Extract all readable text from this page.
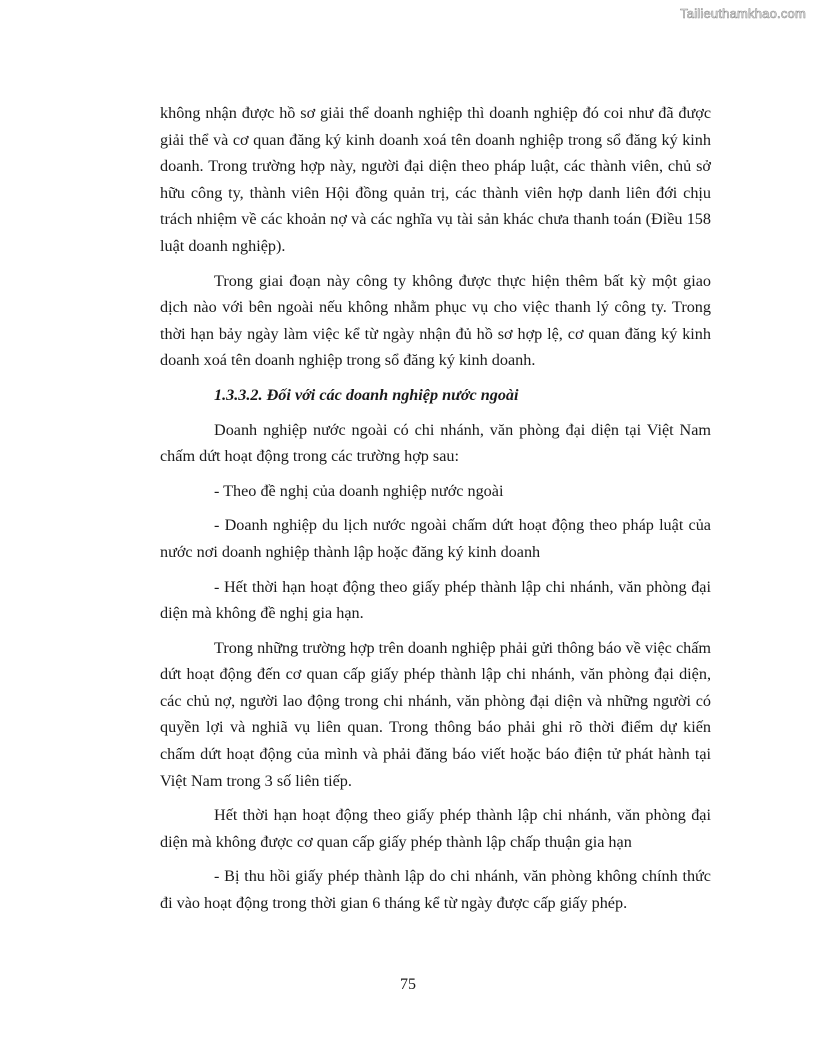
Tailieuthamkhao.com

không nhận được hồ sơ giải thể doanh nghiệp thì doanh nghiệp đó coi như đã được giải thể và cơ quan đăng ký kinh doanh xoá tên doanh nghiệp trong sổ đăng ký kinh doanh. Trong trường hợp này, người đại diện theo pháp luật, các thành viên, chủ sở hữu công ty, thành viên Hội đồng quản trị, các thành viên hợp danh liên đới chịu trách nhiệm về các khoản nợ và các nghĩa vụ tài sản khác chưa thanh toán (Điều 158 luật doanh nghiệp).

Trong giai đoạn này công ty không được thực hiện thêm bất kỳ một giao dịch nào với bên ngoài nếu không nhằm phục vụ cho việc thanh lý công ty. Trong thời hạn bảy ngày làm việc kể từ ngày nhận đủ hồ sơ hợp lệ, cơ quan đăng ký kinh doanh xoá tên doanh nghiệp trong sổ đăng ký kinh doanh.

1.3.3.2. Đối với các doanh nghiệp nước ngoài

Doanh nghiệp nước ngoài có chi nhánh, văn phòng đại diện tại Việt Nam chấm dứt hoạt động trong các trường hợp sau:

- Theo đề nghị của doanh nghiệp nước ngoài

- Doanh nghiệp du lịch nước ngoài chấm dứt hoạt động theo pháp luật của nước nơi doanh nghiệp thành lập hoặc đăng ký kinh doanh

- Hết thời hạn hoạt động theo giấy phép thành lập chi nhánh, văn phòng đại diện mà không đề nghị gia hạn.

Trong những trường hợp trên doanh nghiệp phải gửi thông báo về việc chấm dứt hoạt động đến cơ quan cấp giấy phép thành lập chi nhánh, văn phòng đại diện, các chủ nợ, người lao động trong chi nhánh, văn phòng đại diện và những người có quyền lợi và nghiã vụ liên quan. Trong thông báo phải ghi rõ thời điểm dự kiến chấm dứt hoạt động của mình và phải đăng báo viết hoặc báo điện tử phát hành tại Việt Nam trong 3 số liên tiếp.

Hết thời hạn hoạt động theo giấy phép thành lập chi nhánh, văn phòng đại diện mà không được cơ quan cấp giấy phép thành lập chấp thuận gia hạn

- Bị thu hồi giấy phép thành lập do chi nhánh, văn phòng không chính thức đi vào hoạt động trong thời gian 6 tháng kể từ ngày được cấp giấy phép.

75
